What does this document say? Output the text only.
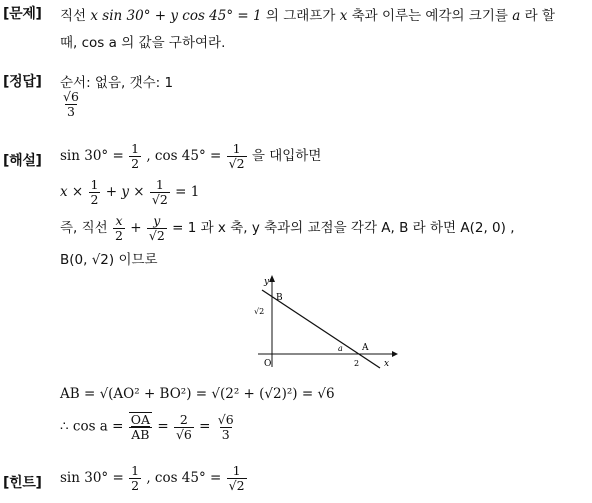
[문제] 직선 x sin 30° + y cos 45° = 1 의 그래프가 x 축과 이루는 예각의 크기를 a 라 할
때, cos a 의 값을 구하여라.
[정답] 순서: 없음, 갯수: 1
$\frac{√6}{3}$
[해설] $\sin 30^\circ = \frac{1}{2}$ , $\cos 45^\circ = \frac{1}{√2}$ 을 대입하면
$x \times \frac{1}{2} + y \times \frac{1}{√2} = 1$
즉, 직선 $\frac{x}{2} + \frac{y}{√2} = 1$ 과 x 축, y 축과의 교점을 각각 A, B 라 하면 A(2, 0) ,
B(0, √2) 이므로
y
x
O
B
A
√2
2
a
AB = √(AO² + BO²) = √(2² + (√2)²) = √6
∴ $\cos a = \frac{OA}{AB} = \frac{2}{√6} = \frac{√6}{3}$
[힌트] $\sin 30^\circ = \frac{1}{2}$ , $\cos 45^\circ = \frac{1}{√2}$
